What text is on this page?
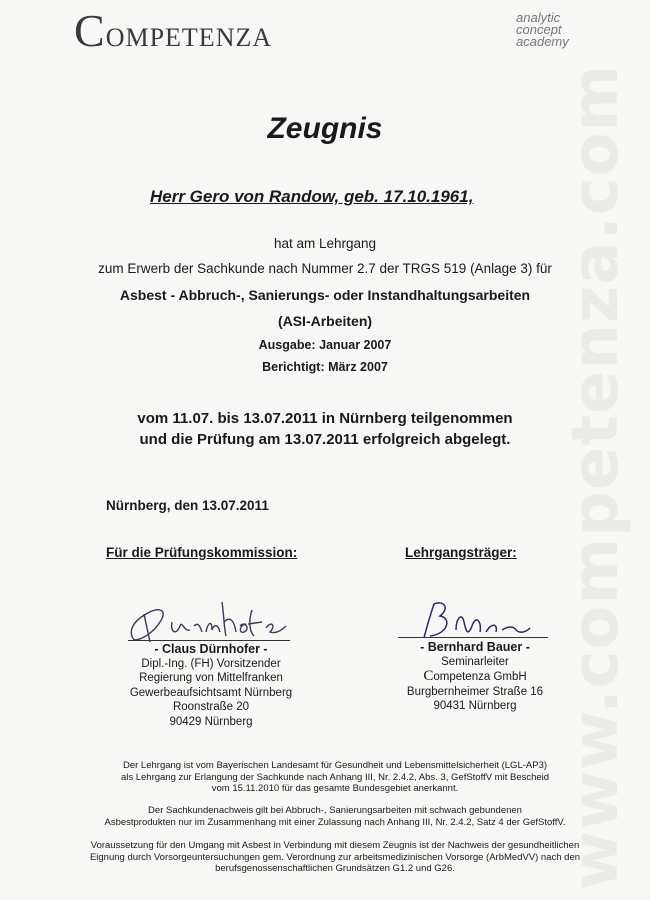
COMPETENZA
analytic
concept
academy
www.competenza.com
Zeugnis
Herr Gero von Randow, geb. 17.10.1961,
hat am Lehrgang
zum Erwerb der Sachkunde nach Nummer 2.7 der TRGS 519 (Anlage 3) für
Asbest - Abbruch-, Sanierungs- oder Instandhaltungsarbeiten
(ASI-Arbeiten)
Ausgabe: Januar 2007
Berichtigt: März 2007
vom 11.07. bis 13.07.2011 in Nürnberg teilgenommen
und die Prüfung am 13.07.2011 erfolgreich abgelegt.
Nürnberg, den 13.07.2011
Für die Prüfungskommission:	Lehrgangsträger:
- Claus Dürnhofer -
Dipl.-Ing. (FH) Vorsitzender
Regierung von Mittelfranken
Gewerbeaufsichtsamt Nürnberg
Roonstraße 20
90429 Nürnberg
- Bernhard Bauer -
Seminarleiter
Competenza GmbH
Burgbernheimer Straße 16
90431 Nürnberg
Der Lehrgang ist vom Bayerischen Landesamt für Gesundheit und Lebensmittelsicherheit (LGL-AP3)
als Lehrgang zur Erlangung der Sachkunde nach Anhang III, Nr. 2.4.2, Abs. 3, GefStoffV mit Bescheid
vom 15.11.2010 für das gesamte Bundesgebiet anerkannt.
Der Sachkundenachweis gilt bei Abbruch-, Sanierungsarbeiten mit schwach gebundenen
Asbestprodukten nur im Zusammenhang mit einer Zulassung nach Anhang III, Nr. 2.4.2, Satz 4 der GefStoffV.
Voraussetzung für den Umgang mit Asbest in Verbindung mit diesem Zeugnis ist der Nachweis der gesundheitlichen
Eignung durch Vorsorgeuntersuchungen gem. Verordnung zur arbeitsmedizinischen Vorsorge (ArbMedVV) nach den
berufsgenossenschaftlichen Grundsätzen G1.2 und G26.
